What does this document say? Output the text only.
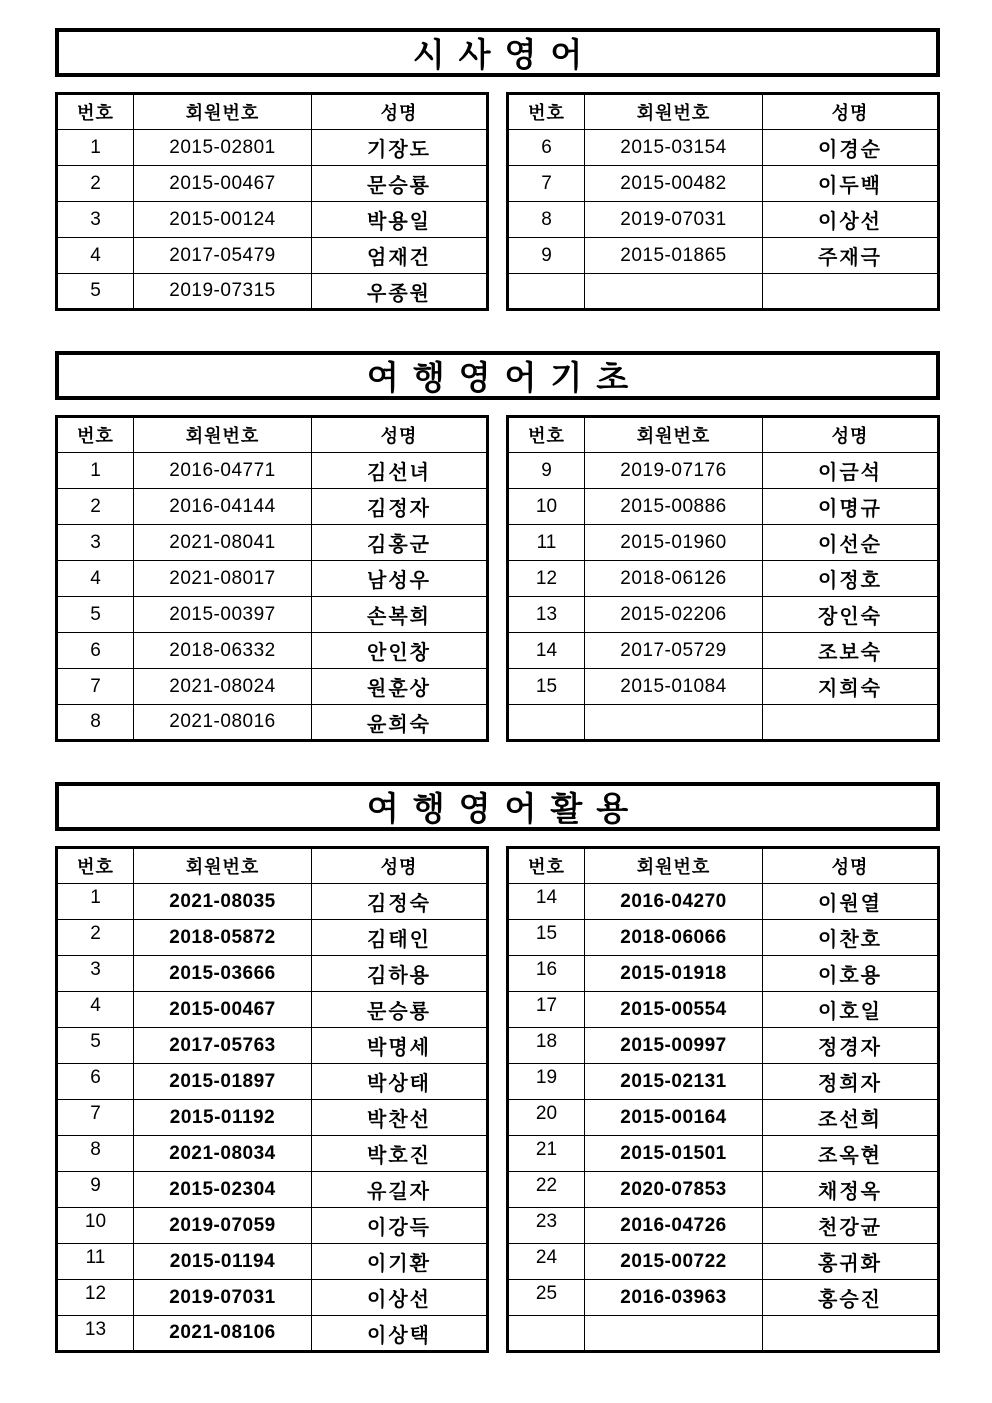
시사영어
번호	회원번호	성명
1	2015-02801	기장도
2	2015-00467	문승룡
3	2015-00124	박용일
4	2017-05479	엄재건
5	2019-07315	우종원
번호	회원번호	성명
6	2015-03154	이경순
7	2015-00482	이두백
8	2019-07031	이상선
9	2015-01865	주재극

여행영어기초
번호	회원번호	성명
1	2016-04771	김선녀
2	2016-04144	김정자
3	2021-08041	김홍군
4	2021-08017	남성우
5	2015-00397	손복희
6	2018-06332	안인창
7	2021-08024	원훈상
8	2021-08016	윤희숙
번호	회원번호	성명
9	2019-07176	이금석
10	2015-00886	이명규
11	2015-01960	이선순
12	2018-06126	이정호
13	2015-02206	장인숙
14	2017-05729	조보숙
15	2015-01084	지희숙

여행영어활용
번호	회원번호	성명
1	2021-08035	김정숙
2	2018-05872	김태인
3	2015-03666	김하용
4	2015-00467	문승룡
5	2017-05763	박명세
6	2015-01897	박상태
7	2015-01192	박찬선
8	2021-08034	박호진
9	2015-02304	유길자
10	2019-07059	이강득
11	2015-01194	이기환
12	2019-07031	이상선
13	2021-08106	이상택
번호	회원번호	성명
14	2016-04270	이원열
15	2018-06066	이찬호
16	2015-01918	이호용
17	2015-00554	이호일
18	2015-00997	정경자
19	2015-02131	정희자
20	2015-00164	조선희
21	2015-01501	조옥현
22	2020-07853	채정옥
23	2016-04726	천강균
24	2015-00722	홍귀화
25	2016-03963	홍승진
